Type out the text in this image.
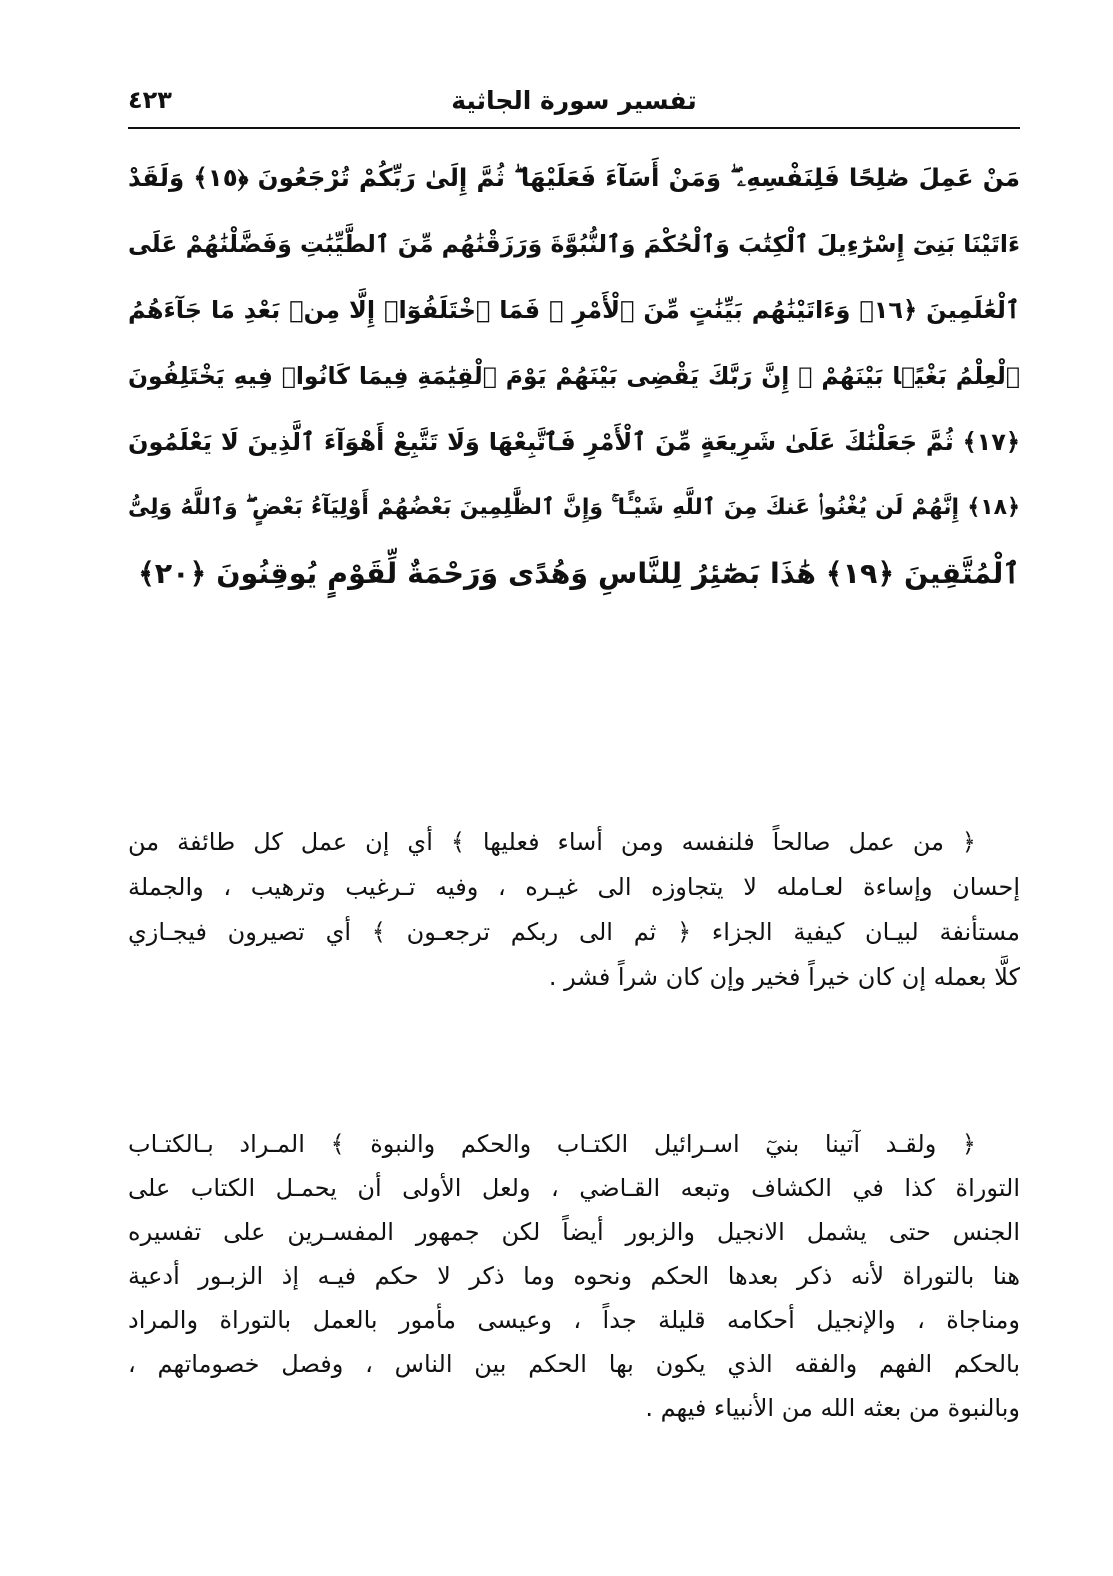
٤٢٣	تفسير سورة الجاثية
مَنْ عَمِلَ صَٰلِحًا فَلِنَفْسِهِۦ ۖ وَمَنْ أَسَآءَ فَعَلَيْهَا ۖ ثُمَّ إِلَىٰ رَبِّكُمْ تُرْجَعُونَ ﴿١٥﴾ وَلَقَدْ
ءَاتَيْنَا بَنِىٓ إِسْرَٰٓءِيلَ ٱلْكِتَٰبَ وَٱلْحُكْمَ وَٱلنُّبُوَّةَ وَرَزَقْنَٰهُم مِّنَ ٱلطَّيِّبَٰتِ وَفَضَّلْنَٰهُمْ عَلَى
ٱلْعَٰلَمِينَ ﴿١٦﴾ وَءَاتَيْنَٰهُم بَيِّنَٰتٍ مِّنَ ٱلْأَمْرِ ۖ فَمَا ٱخْتَلَفُوٓا۟ إِلَّا مِنۢ بَعْدِ مَا جَآءَهُمُ
ٱلْعِلْمُ بَغْيًۢا بَيْنَهُمْ ۚ إِنَّ رَبَّكَ يَقْضِى بَيْنَهُمْ يَوْمَ ٱلْقِيَٰمَةِ فِيمَا كَانُوا۟ فِيهِ يَخْتَلِفُونَ
﴿١٧﴾ ثُمَّ جَعَلْنَٰكَ عَلَىٰ شَرِيعَةٍ مِّنَ ٱلْأَمْرِ فَٱتَّبِعْهَا وَلَا تَتَّبِعْ أَهْوَآءَ ٱلَّذِينَ لَا يَعْلَمُونَ
﴿١٨﴾ إِنَّهُمْ لَن يُغْنُوا۟ عَنكَ مِنَ ٱللَّهِ شَيْـًٔا ۚ وَإِنَّ ٱلظَّٰلِمِينَ بَعْضُهُمْ أَوْلِيَآءُ بَعْضٍ ۖ وَٱللَّهُ وَلِىُّ
ٱلْمُتَّقِينَ ﴿١٩﴾ هَٰذَا بَصَٰٓئِرُ لِلنَّاسِ وَهُدًى وَرَحْمَةٌ لِّقَوْمٍ يُوقِنُونَ ﴿٢٠﴾
﴿ من عمل صالحاً فلنفسه ومن أساء فعليها ﴾ أي إن عمل كل طائفة من
إحسان وإساءة لعـامله لا يتجاوزه الى غيـره ، وفيه تـرغيب وترهيب ، والجملة
مستأنفة لبيـان كيفية الجزاء ﴿ ثم الى ربكم ترجعـون ﴾ أي تصيرون فيجـازي
كلًّا بعمله إن كان خيراً فخير وإن كان شراً فشر .
﴿ ولقـد آتينا بنيٓ اسـرائيل الكتـاب والحكم والنبوة ﴾ المـراد بـالكتـاب
التوراة كذا في الكشاف وتبعه القـاضي ، ولعل الأولى أن يحمـل الكتاب على
الجنس حتى يشمل الانجيل والزبور أيضاً لكن جمهور المفسـرين على تفسيره
هنا بالتوراة لأنه ذكر بعدها الحكم ونحوه وما ذكر لا حكم فيـه إذ الزبـور أدعية
ومناجاة ، والإنجيل أحكامه قليلة جداً ، وعيسى مأمور بالعمل بالتوراة والمراد
بالحكم الفهم والفقه الذي يكون بها الحكم بين الناس ، وفصل خصوماتهم ،
وبالنبوة من بعثه الله من الأنبياء فيهم .
